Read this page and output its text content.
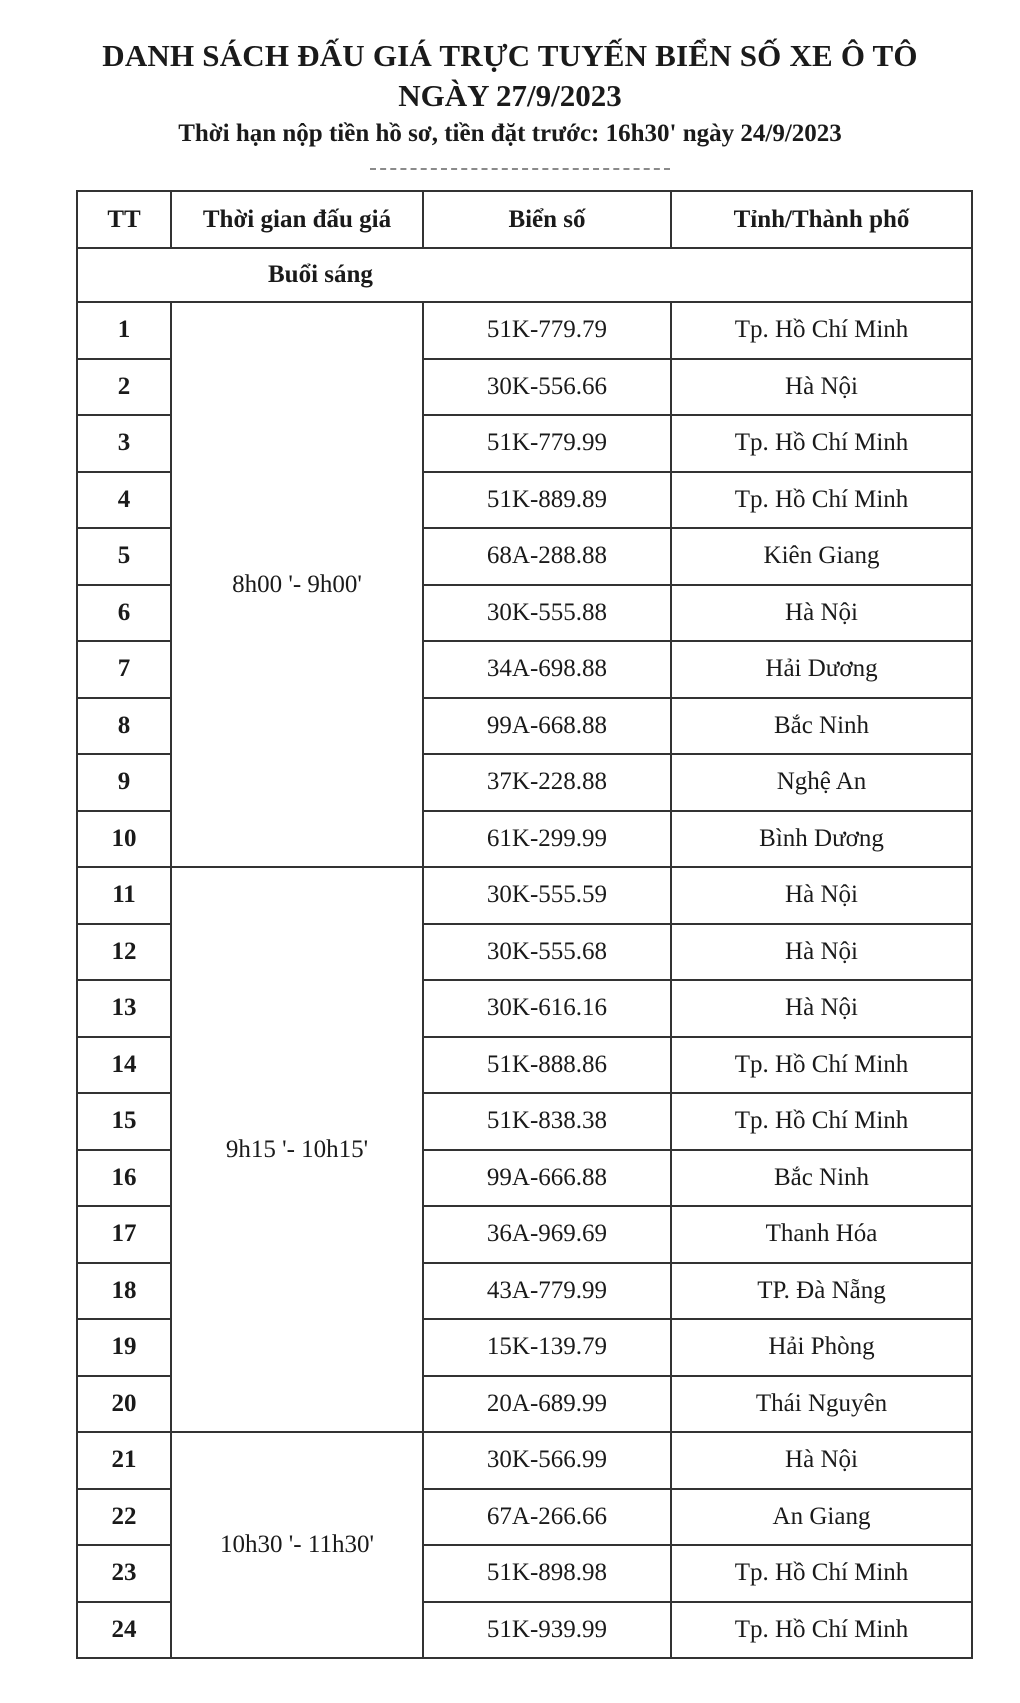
DANH SÁCH ĐẤU GIÁ TRỰC TUYẾN BIỂN SỐ XE Ô TÔ
NGÀY 27/9/2023

Thời hạn nộp tiền hồ sơ, tiền đặt trước: 16h30' ngày 24/9/2023

TT	Thời gian đấu giá	Biển số	Tỉnh/Thành phố
Buổi sáng			
1	8h00 '- 9h00'	51K-779.79	Tp. Hồ Chí Minh
2		30K-556.66	Hà Nội
3		51K-779.99	Tp. Hồ Chí Minh
4		51K-889.89	Tp. Hồ Chí Minh
5		68A-288.88	Kiên Giang
6		30K-555.88	Hà Nội
7		34A-698.88	Hải Dương
8		99A-668.88	Bắc Ninh
9		37K-228.88	Nghệ An
10		61K-299.99	Bình Dương
11	9h15 '- 10h15'	30K-555.59	Hà Nội
12		30K-555.68	Hà Nội
13		30K-616.16	Hà Nội
14		51K-888.86	Tp. Hồ Chí Minh
15		51K-838.38	Tp. Hồ Chí Minh
16		99A-666.88	Bắc Ninh
17		36A-969.69	Thanh Hóa
18		43A-779.99	TP. Đà Nẵng
19		15K-139.79	Hải Phòng
20		20A-689.99	Thái Nguyên
21	10h30 '- 11h30'	30K-566.99	Hà Nội
22		67A-266.66	An Giang
23		51K-898.98	Tp. Hồ Chí Minh
24		51K-939.99	Tp. Hồ Chí Minh
